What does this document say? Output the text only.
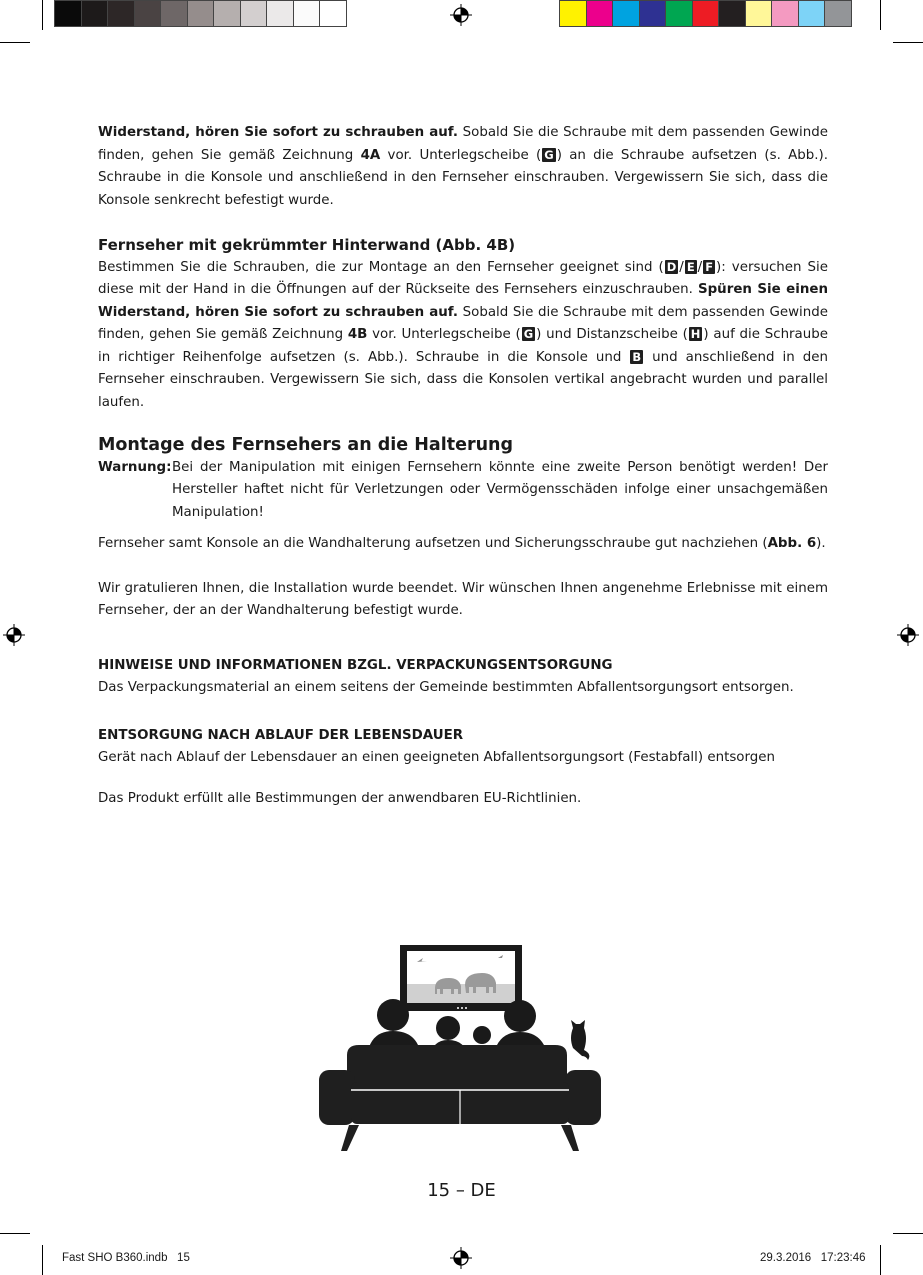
Widerstand, hören Sie sofort zu schrauben auf. Sobald Sie die Schraube mit dem passenden Gewinde finden, gehen Sie gemäß Zeichnung 4A vor. Unterlegscheibe ( G ) an die Schraube aufsetzen (s. Abb.). Schraube in die Konsole und anschließend in den Fernseher einschrauben. Vergewissern Sie sich, dass die Konsole senkrecht befestigt wurde.

Fernseher mit gekrümmter Hinterwand (Abb. 4B)

Bestimmen Sie die Schrauben, die zur Montage an den Fernseher geeignet sind ( D / E / F ): versuchen Sie diese mit der Hand in die Öffnungen auf der Rückseite des Fernsehers einzuschrauben. Spüren Sie einen Widerstand, hören Sie sofort zu schrauben auf. Sobald Sie die Schraube mit dem passenden Gewinde finden, gehen Sie gemäß Zeichnung 4B vor. Unterlegscheibe ( G ) und Distanzscheibe ( H ) auf die Schraube in richtiger Reihenfolge aufsetzen (s. Abb.). Schraube in die Konsole und B und anschließend in den Fernseher einschrauben. Vergewissern Sie sich, dass die Konsolen vertikal angebracht wurden und parallel laufen.

Montage des Fernsehers an die Halterung
Warnung: Bei der Manipulation mit einigen Fernsehern könnte eine zweite Person benötigt werden! Der Hersteller haftet nicht für Verletzungen oder Vermögensschäden infolge einer unsachgemäßen Manipulation!

Fernseher samt Konsole an die Wandhalterung aufsetzen und Sicherungsschraube gut nachziehen (Abb. 6).

Wir gratulieren Ihnen, die Installation wurde beendet. Wir wünschen Ihnen angenehme Erlebnisse mit einem Fernseher, der an der Wandhalterung befestigt wurde.

HINWEISE UND INFORMATIONEN BZGL. VERPACKUNGSENTSORGUNG

Das Verpackungsmaterial an einem seitens der Gemeinde bestimmten Abfallentsorgungsort entsorgen.

ENTSORGUNG NACH ABLAUF DER LEBENSDAUER

Gerät nach Ablauf der Lebensdauer an einen geeigneten Abfallentsorgungsort (Festabfall) entsorgen

Das Produkt erfüllt alle Bestimmungen der anwendbaren EU-Richtlinien.

15 – DE
Fast SHO B360.indb   15	29.3.2016   17:23:46
